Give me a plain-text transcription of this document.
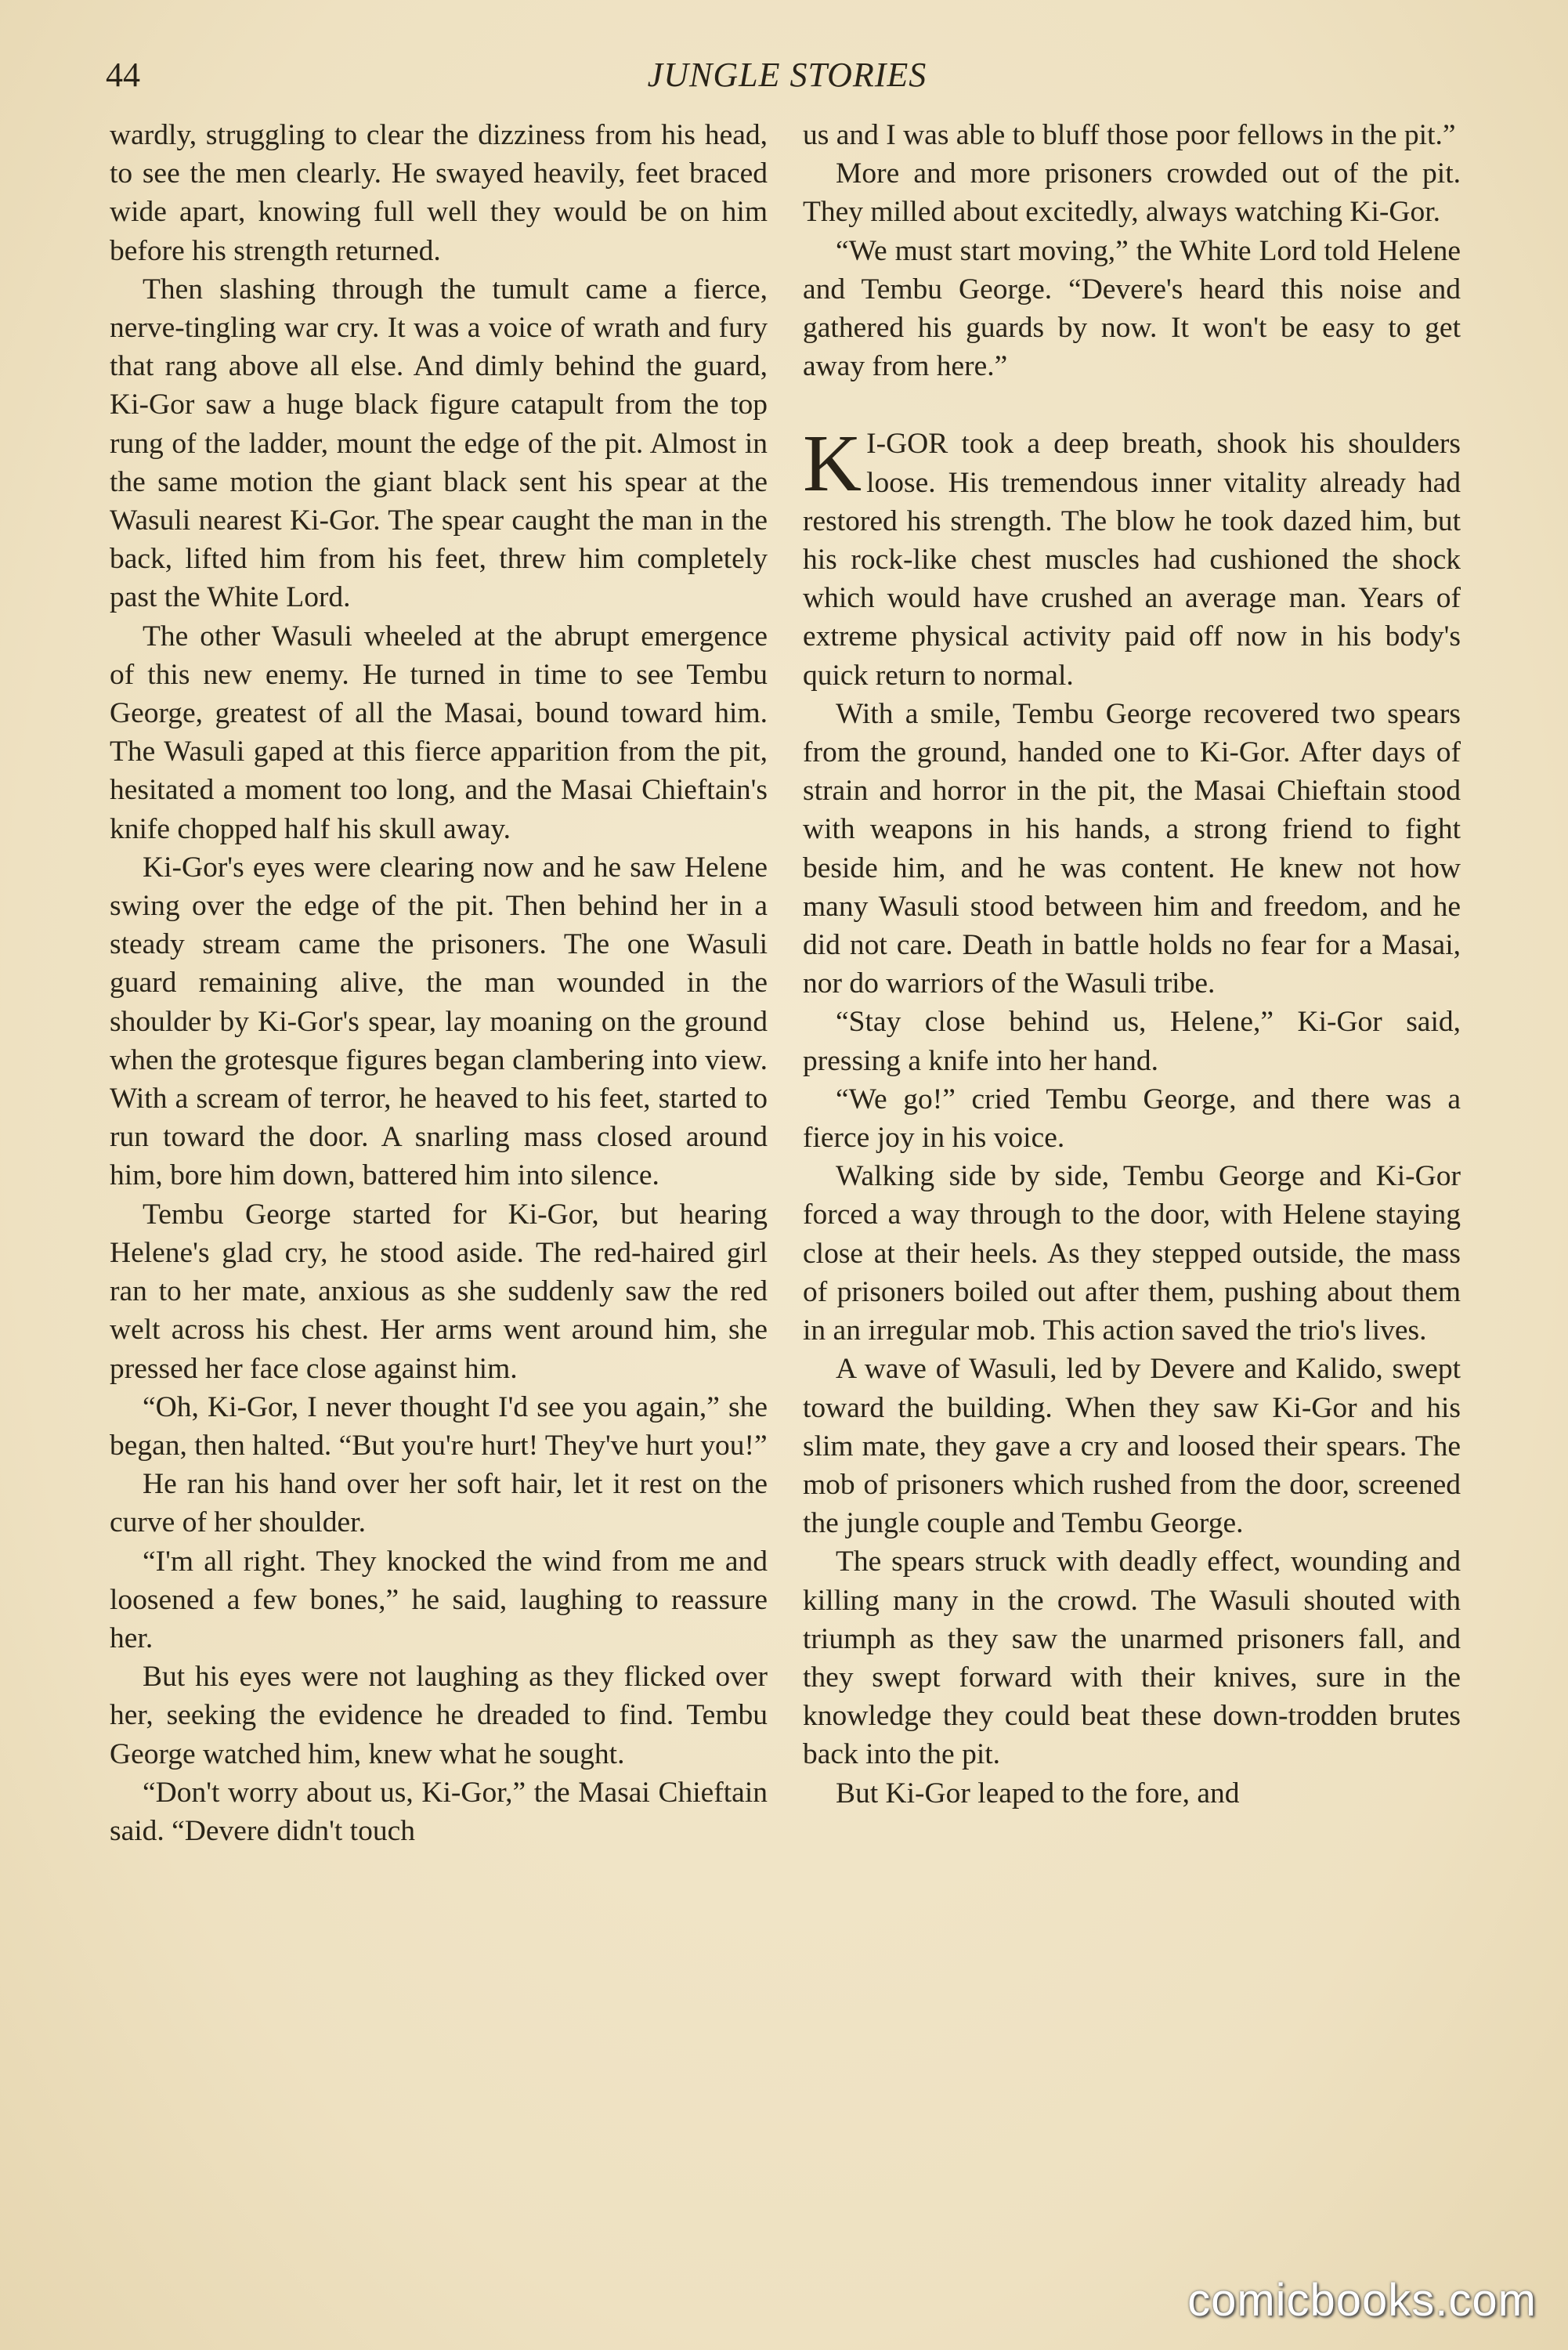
44	JUNGLE STORIES

wardly, struggling to clear the dizziness from his head, to see the men clearly. He swayed heavily, feet braced wide apart, knowing full well they would be on him before his strength returned.

Then slashing through the tumult came a fierce, nerve-tingling war cry. It was a voice of wrath and fury that rang above all else. And dimly behind the guard, Ki-Gor saw a huge black figure catapult from the top rung of the ladder, mount the edge of the pit. Almost in the same motion the giant black sent his spear at the Wasuli nearest Ki-Gor. The spear caught the man in the back, lifted him from his feet, threw him completely past the White Lord.

The other Wasuli wheeled at the abrupt emergence of this new enemy. He turned in time to see Tembu George, greatest of all the Masai, bound toward him. The Wasuli gaped at this fierce apparition from the pit, hesitated a moment too long, and the Masai Chieftain's knife chopped half his skull away.

Ki-Gor's eyes were clearing now and he saw Helene swing over the edge of the pit. Then behind her in a steady stream came the prisoners. The one Wasuli guard remaining alive, the man wounded in the shoulder by Ki-Gor's spear, lay moaning on the ground when the grotesque figures began clambering into view. With a scream of terror, he heaved to his feet, started to run toward the door. A snarling mass closed around him, bore him down, battered him into silence.

Tembu George started for Ki-Gor, but hearing Helene's glad cry, he stood aside. The red-haired girl ran to her mate, anxious as she suddenly saw the red welt across his chest. Her arms went around him, she pressed her face close against him.

“Oh, Ki-Gor, I never thought I'd see you again,” she began, then halted. “But you're hurt! They've hurt you!”

He ran his hand over her soft hair, let it rest on the curve of her shoulder.

“I'm all right. They knocked the wind from me and loosened a few bones,” he said, laughing to reassure her.

But his eyes were not laughing as they flicked over her, seeking the evidence he dreaded to find. Tembu George watched him, knew what he sought.

“Don't worry about us, Ki-Gor,” the Masai Chieftain said. “Devere didn't touch

us and I was able to bluff those poor fellows in the pit.”

More and more prisoners crowded out of the pit. They milled about excitedly, always watching Ki-Gor.

“We must start moving,” the White Lord told Helene and Tembu George. “Devere's heard this noise and gathered his guards by now. It won't be easy to get away from here.”

K I-GOR took a deep breath, shook his shoulders loose. His tremendous inner vitality already had restored his strength. The blow he took dazed him, but his rock-like chest muscles had cushioned the shock which would have crushed an average man. Years of extreme physical activity paid off now in his body's quick return to normal.

With a smile, Tembu George recovered two spears from the ground, handed one to Ki-Gor. After days of strain and horror in the pit, the Masai Chieftain stood with weapons in his hands, a strong friend to fight beside him, and he was content. He knew not how many Wasuli stood between him and freedom, and he did not care. Death in battle holds no fear for a Masai, nor do warriors of the Wasuli tribe.

“Stay close behind us, Helene,” Ki-Gor said, pressing a knife into her hand.

“We go!” cried Tembu George, and there was a fierce joy in his voice.

Walking side by side, Tembu George and Ki-Gor forced a way through to the door, with Helene staying close at their heels. As they stepped outside, the mass of prisoners boiled out after them, pushing about them in an irregular mob. This action saved the trio's lives.

A wave of Wasuli, led by Devere and Kalido, swept toward the building. When they saw Ki-Gor and his slim mate, they gave a cry and loosed their spears. The mob of prisoners which rushed from the door, screened the jungle couple and Tembu George.

The spears struck with deadly effect, wounding and killing many in the crowd. The Wasuli shouted with triumph as they saw the unarmed prisoners fall, and they swept forward with their knives, sure in the knowledge they could beat these down-trodden brutes back into the pit.

But Ki-Gor leaped to the fore, and

comicbooks.com
